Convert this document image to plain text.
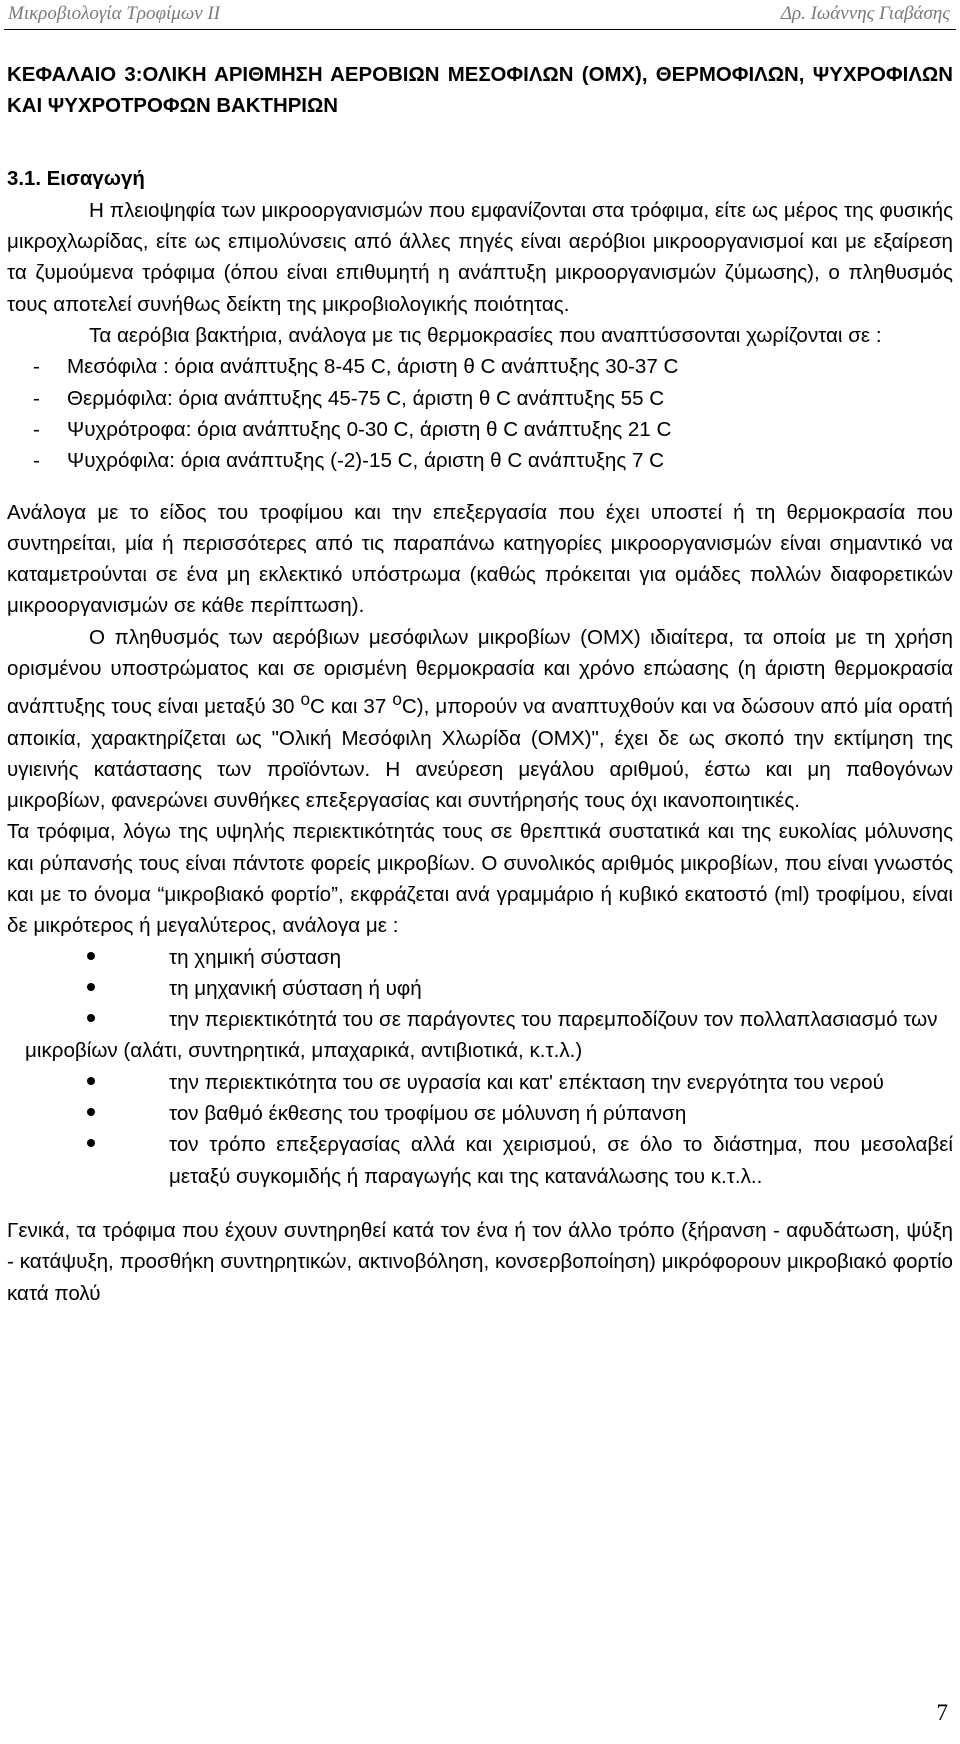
Μικροβιολογία Τροφίμων ΙΙ	Δρ. Ιωάννης Γιαβάσης

ΚΕΦΑΛΑΙΟ 3:ΟΛΙΚΗ ΑΡΙΘΜΗΣΗ ΑΕΡΟΒΙΩΝ ΜΕΣΟΦΙΛΩΝ (ΟΜΧ), ΘΕΡΜΟΦΙΛΩΝ, ΨΥΧΡΟΦΙΛΩΝ ΚΑΙ ΨΥΧΡΟΤΡΟΦΩΝ ΒΑΚΤΗΡΙΩΝ

3.1. Εισαγωγή

Η πλειοψηφία των μικροοργανισμών που εμφανίζονται στα τρόφιμα, είτε ως μέρος της φυσικής μικροχλωρίδας, είτε ως επιμολύνσεις από άλλες πηγές είναι αερόβιοι μικροοργανισμοί και με εξαίρεση τα ζυμούμενα τρόφιμα (όπου είναι επιθυμητή η ανάπτυξη μικροοργανισμών ζύμωσης), ο πληθυσμός τους αποτελεί συνήθως δείκτη της μικροβιολογικής ποιότητας.

Τα αερόβια βακτήρια, ανάλογα με τις θερμοκρασίες που αναπτύσσονται χωρίζονται σε :

-	Μεσόφιλα : όρια ανάπτυξης 8-45 C, άριστη θ C ανάπτυξης 30-37 C
-	Θερμόφιλα: όρια ανάπτυξης 45-75 C, άριστη θ C ανάπτυξης 55 C
-	Ψυχρότροφα: όρια ανάπτυξης 0-30 C, άριστη θ C ανάπτυξης 21 C
-	Ψυχρόφιλα: όρια ανάπτυξης (-2)-15 C, άριστη θ C ανάπτυξης 7 C

Ανάλογα με το είδος του τροφίμου και την επεξεργασία που έχει υποστεί ή τη θερμοκρασία που συντηρείται, μία ή περισσότερες από τις παραπάνω κατηγορίες μικροοργανισμών είναι σημαντικό να καταμετρούνται σε ένα μη εκλεκτικό υπόστρωμα (καθώς πρόκειται για ομάδες πολλών διαφορετικών μικροοργανισμών σε κάθε περίπτωση).

Ο πληθυσμός των αερόβιων μεσόφιλων μικροβίων (ΟΜΧ) ιδιαίτερα, τα οποία με τη χρήση ορισμένου υποστρώματος και σε ορισμένη θερμοκρασία και χρόνο επώασης (η άριστη θερμοκρασία ανάπτυξης τους είναι μεταξύ 30 $^o$C και 37 $^o$C), μπορούν να αναπτυχθούν και να δώσουν από μία ορατή αποικία, χαρακτηρίζεται ως "Ολική Μεσόφιλη Χλωρίδα (ΟΜΧ)", έχει δε ως σκοπό την εκτίμηση της υγιεινής κατάστασης των προϊόντων. Η ανεύρεση μεγάλου αριθμού, έστω και μη παθογόνων μικροβίων, φανερώνει συνθήκες επεξεργασίας και συντήρησής τους όχι ικανοποιητικές.

Τα τρόφιμα, λόγω της υψηλής περιεκτικότητάς τους σε θρεπτικά συστατικά και της ευκολίας μόλυνσης και ρύπανσής τους είναι πάντοτε φορείς μικροβίων. Ο συνολικός αριθμός μικροβίων, που είναι γνωστός και με το όνομα “μικροβιακό φορτίο”, εκφράζεται ανά γραμμάριο ή κυβικό εκατοστό (ml) τροφίμου, είναι δε μικρότερος ή μεγαλύτερος, ανάλογα με :

τη χημική σύσταση
τη μηχανική σύσταση ή υφή
την περιεκτικότητά του σε παράγοντες του παρεμποδίζουν τον πολλαπλασιασμό των

μικροβίων (αλάτι, συντηρητικά, μπαχαρικά, αντιβιοτικά, κ.τ.λ.)

την περιεκτικότητα του σε υγρασία και κατ' επέκταση την ενεργότητα του νερού
τον βαθμό έκθεσης του τροφίμου σε μόλυνση ή ρύπανση
τον τρόπο επεξεργασίας αλλά και χειρισμού, σε όλο το διάστημα, που μεσολαβεί μεταξύ συγκομιδής ή παραγωγής και της κατανάλωσης του κ.τ.λ..

Γενικά, τα τρόφιμα που έχουν συντηρηθεί κατά τον ένα ή τον άλλο τρόπο (ξήρανση - αφυδάτωση, ψύξη - κατάψυξη, προσθήκη συντηρητικών, ακτινοβόληση, κονσερβοποίηση) μικρόφορουν μικροβιακό φορτίο κατά πολύ

7
